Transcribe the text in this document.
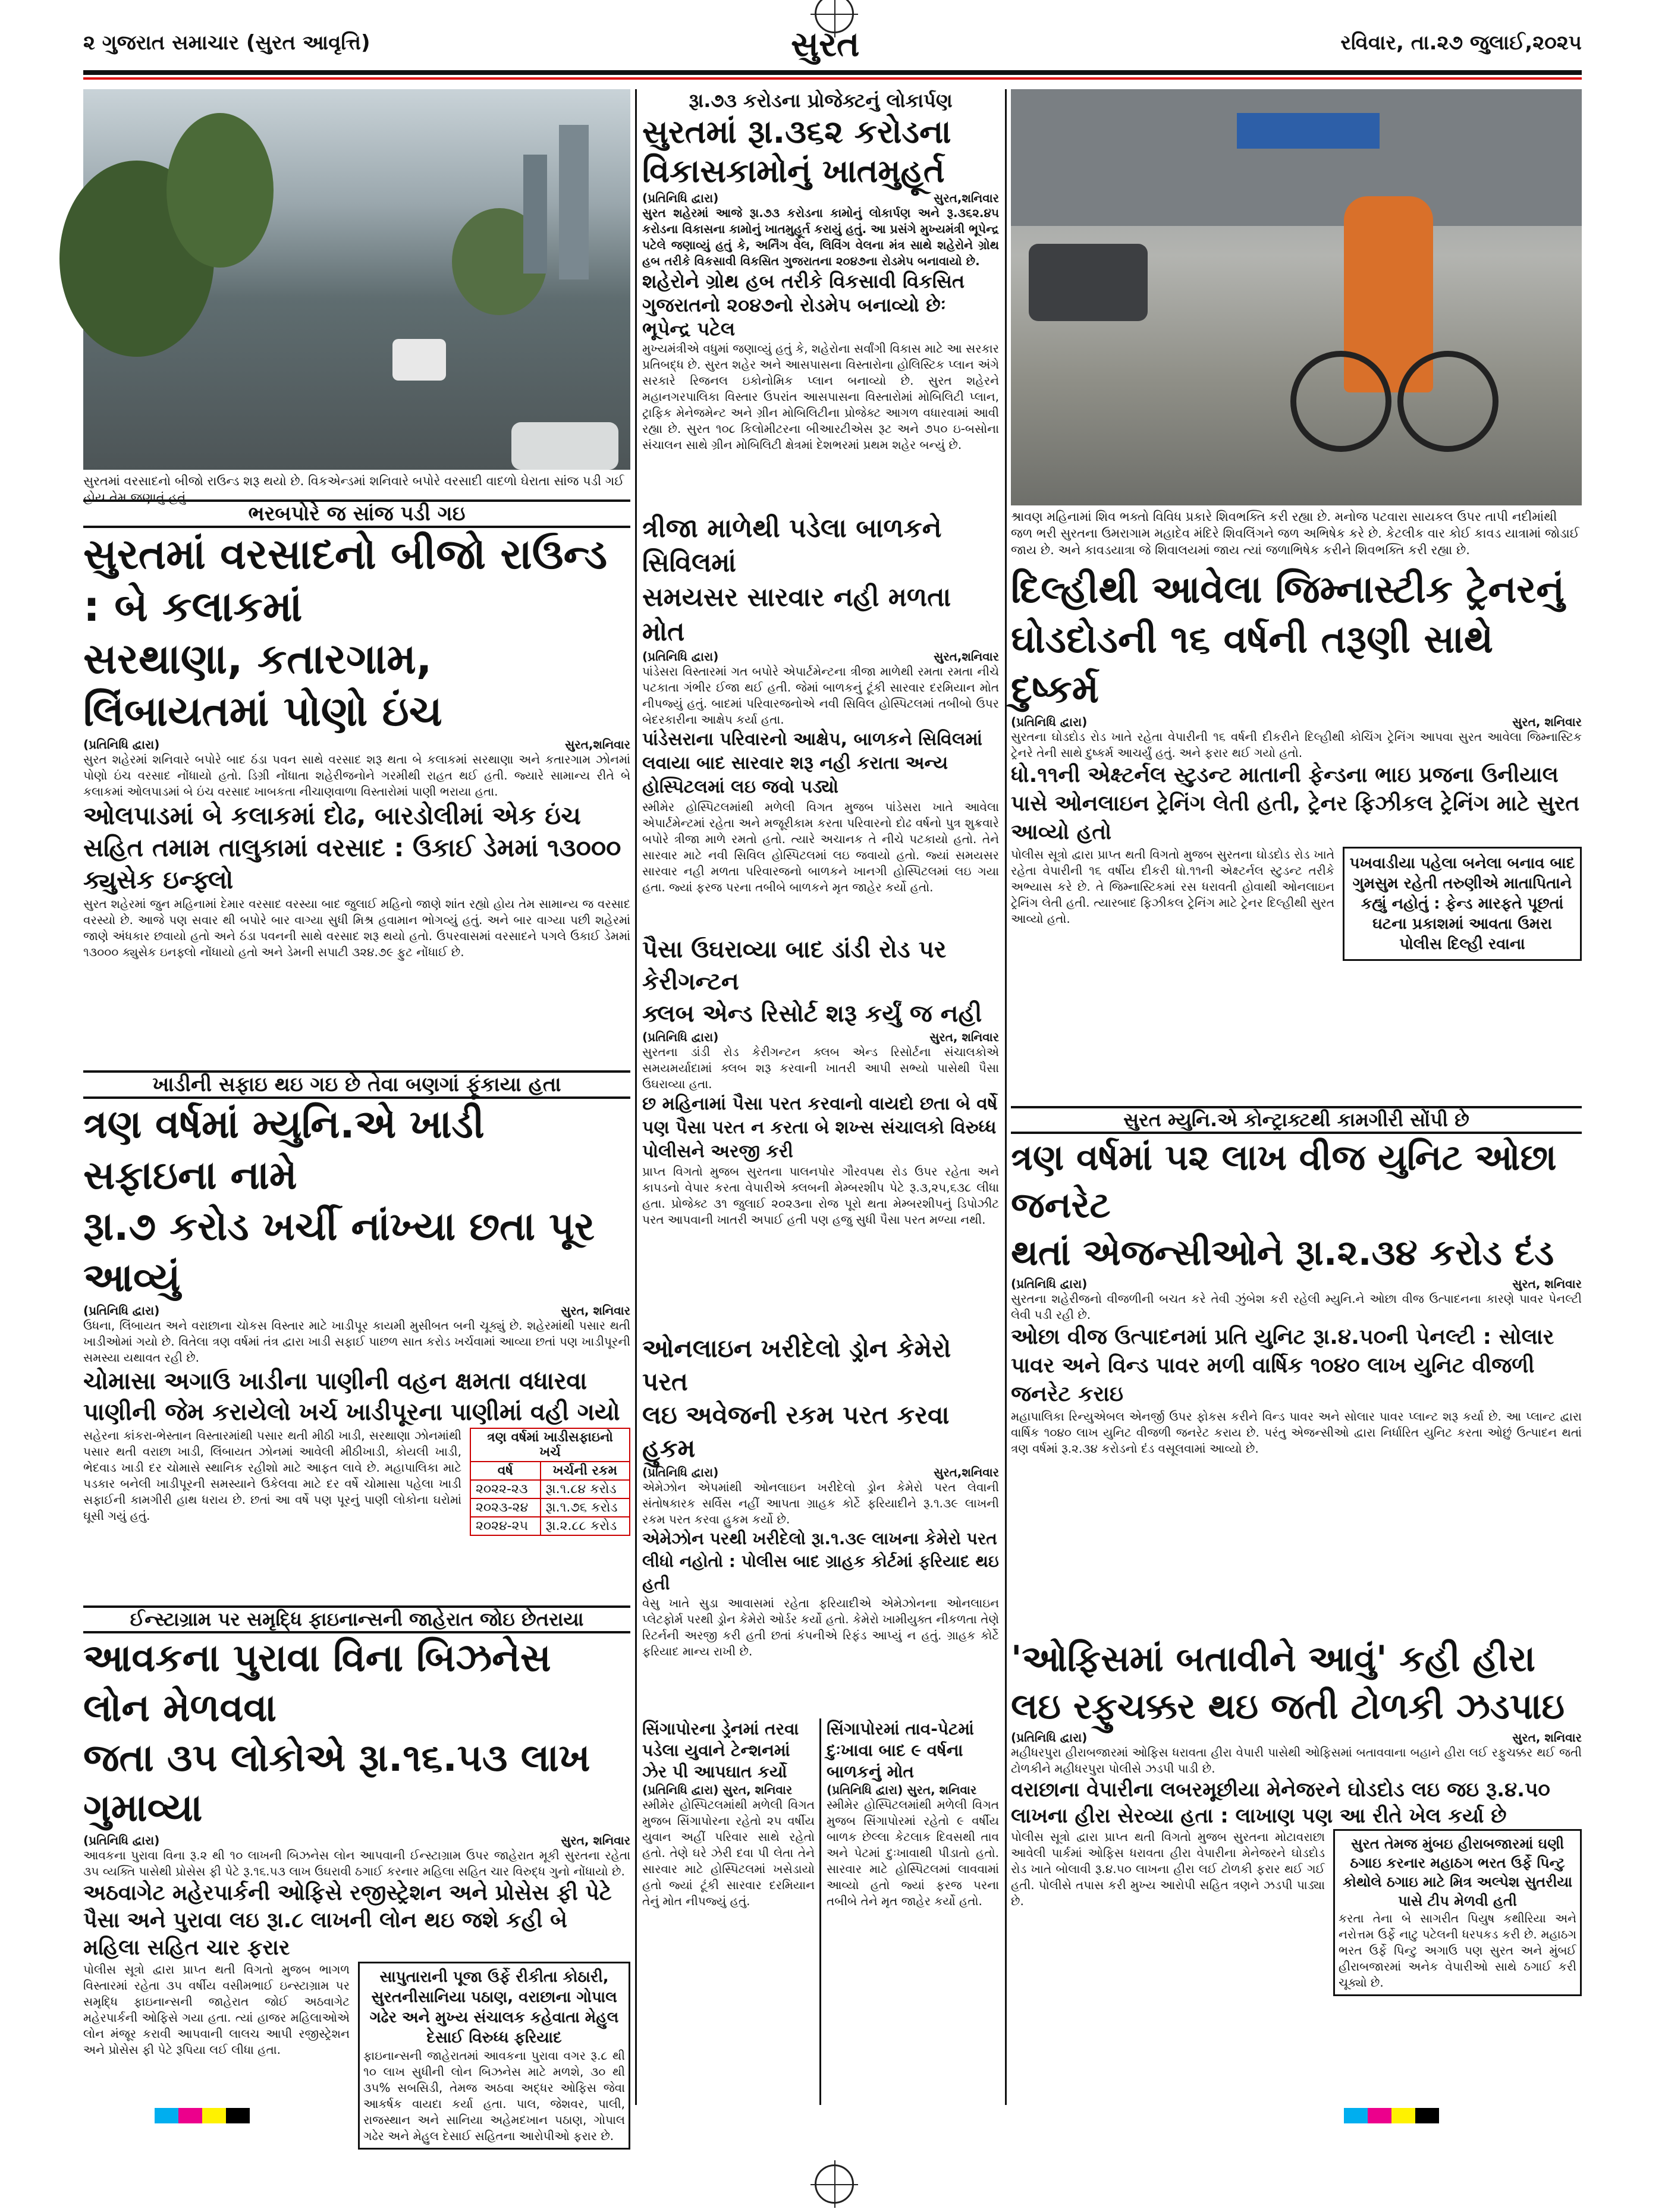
૨ ગુજરાત સમાચાર (સુરત આવૃત્તિ)	સુરત	રવિવાર, તા.૨૭ જુલાઈ,૨૦૨૫
સુરતમાં વરસાદનો બીજો રાઉન્ડ શરૂ થયો છે. વિકએન્ડમાં શનિવારે બપોરે વરસાદી વાદળો ઘેરાતા સાંજ પડી ગઈ હોય તેમ જણાતું હતું.
શ્રાવણ મહિનામાં શિવ ભક્તો વિવિધ પ્રકારે શિવભક્તિ કરી રહ્યા છે. મનોજ પટવારા સાયકલ ઉપર તાપી નદીમાંથી જળ ભરી સુરતના ઉમરાગામ મહાદેવ મંદિરે શિવલિંગને જળ અભિષેક કરે છે. કેટલીક વાર કોઈ કાવડ યાત્રામાં જોડાઈ જાય છે. અને કાવડયાત્રા જે શિવાલયમાં જાય ત્યાં જળાભિષેક કરીને શિવભક્તિ કરી રહ્યા છે.
રૂા.૭૩ કરોડના પ્રોજેક્ટનું લોકાર્પણ
સુરતમાં રૂા.૩૬૨ કરોડના
વિકાસકામોનું ખાતમુહૂર્ત
(પ્રતિનિધિ દ્વારા)	સુરત,શનિવાર
સુરત શહેરમાં આજે રૂા.૭૩ કરોડના કામોનું લોકાર્પણ અને રૂ.૩૬૨.૪૫ કરોડના વિકાસના કામોનું ખાતમુહૂર્ત કરાયું હતું. આ પ્રસંગે મુખ્યમંત્રી ભૂપેન્દ્ર પટેલે જણાવ્યું હતું કે, અર્નિંગ વેલ, લિવિંગ વેલના મંત્ર સાથે શહેરોને ગ્રોથ હબ તરીકે વિકસાવી વિકસિત ગુજરાતના ૨૦૪૭ના રોડમેપ બનાવાયો છે.
શહેરોને ગ્રોથ હબ તરીકે વિકસાવી વિકસિત ગુજરાતનો ૨૦૪૭નો રોડમેપ બનાવ્યો છેઃ ભૂપેન્દ્ર પટેલ
મુખ્યમંત્રીએ વધુમાં જણાવ્યું હતું કે, શહેરોના સર્વાંગી વિકાસ માટે આ સરકાર પ્રતિબદ્ધ છે. સુરત શહેર અને આસપાસના વિસ્તારોના હોલિસ્ટિક પ્લાન અંગે સરકારે રિજનલ ઇકોનોમિક પ્લાન બનાવ્યો છે. સુરત શહેરને મહાનગરપાલિકા વિસ્તાર ઉપરાંત આસપાસના વિસ્તારોમાં મોબિલિટી પ્લાન, ટ્રાફિક મેનેજમેન્ટ અને ગ્રીન મોબિલિટીના પ્રોજેક્ટ આગળ વધારવામાં આવી રહ્યા છે. સુરત ૧૦૮ કિલોમીટરના બીઆરટીએસ રૂટ અને ૭૫૦ ઇ-બસોના સંચાલન સાથે ગ્રીન મોબિલિટી ક્ષેત્રમાં દેશભરમાં પ્રથમ શહેર બન્યું છે.
ભરબપોરે જ સાંજ પડી ગઇ
સુરતમાં વરસાદનો બીજો રાઉન્ડ : બે કલાકમાં
સરથાણા, કતારગામ, લિંબાયતમાં પોણો ઇંચ
(પ્રતિનિધિ દ્વારા)	સુરત,શનિવાર
સુરત શહેરમાં શનિવારે બપોરે બાદ ઠંડા પવન સાથે વરસાદ શરૂ થતા બે કલાકમાં સરથાણા અને કતારગામ ઝોનમાં પોણો ઇંચ વરસાદ નોંધાયો હતો. ડિગ્રી નોંધાતા શહેરીજનોને ગરમીથી રાહત થઈ હતી. જ્યારે સામાન્ય રીતે બે કલાકમાં ઓલપાડમાં બે ઇંચ વરસાદ ખાબકતા નીચાણવાળા વિસ્તારોમાં પાણી ભરાયા હતા.
ઓલપાડમાં બે કલાકમાં દોઢ, બારડોલીમાં એક ઇંચ સહિત તમામ તાલુકામાં વરસાદ : ઉકાઈ ડેમમાં ૧૩૦૦૦ ક્યુસેક ઇન્ફ્લો
સુરત શહેરમાં જુન મહિનામાં દેમાર વરસાદ વરસ્યા બાદ જુલાઈ મહિનો જાણે શાંત રહ્યો હોય તેમ સામાન્ય જ વરસાદ વરસ્યો છે. આજે પણ સવાર થી બપોરે બાર વાગ્યા સુધી મિશ્ર હવામાન ભોગવ્યું હતું. અને બાર વાગ્યા પછી શહેરમાં જાણે અંધકાર છવાયો હતો અને ઠંડા પવનની સાથે વરસાદ શરૂ થયો હતો. ઉપરવાસમાં વરસાદને પગલે ઉકાઈ ડેમમાં ૧૩૦૦૦ ક્યુસેક ઇનફ્લો નોંધાયો હતો અને ડેમની સપાટી ૩૨૪.૭૯ ફુટ નોંધાઈ છે.
ખાડીની સફાઇ થઇ ગઇ છે તેવા બણગાં ફૂંકાયા હતા
ત્રણ વર્ષમાં મ્યુનિ.એ ખાડી સફાઇના નામે
રૂા.૭ કરોડ ખર્ચી નાંખ્યા છતા પૂર આવ્યું
(પ્રતિનિધિ દ્વારા)	સુરત, શનિવાર
ઉધના, લિંબાયત અને વરાછાના ચોકસ વિસ્તાર માટે ખાડીપૂર કાયમી મુસીબત બની ચૂક્યું છે. શહેરમાંથી પસાર થતી ખાડીઓમાં ગયો છે. વિતેલા ત્રણ વર્ષમાં તંત્ર દ્વારા ખાડી સફાઈ પાછળ સાત કરોડ ખર્ચવામાં આવ્યા છતાં પણ ખાડીપૂરની સમસ્યા યથાવત રહી છે.
ચોમાસા અગાઉ ખાડીના પાણીની વહન ક્ષમતા વધારવા પાણીની જેમ કરાયેલો ખર્ચ ખાડીપૂરના પાણીમાં વહી ગયો
સહેરના કાંકરા-ભેસ્તાન વિસ્તારમાંથી પસાર થતી મીઠી ખાડી, સરથાણા ઝોનમાંથી પસાર થતી વરાછા ખાડી, લિંબાયત ઝોનમાં આવેલી મીઠીખાડી, કોયલી ખાડી, ભેદવાડ ખાડી દર ચોમાસે સ્થાનિક રહીશો માટે આફત લાવે છે. મહાપાલિકા માટે પડકાર બનેલી ખાડીપૂરની સમસ્યાને ઉકેલવા માટે દર વર્ષે ચોમાસા પહેલા ખાડી સફાઈની કામગીરી હાથ ધરાય છે. છતાં આ વર્ષે પણ પૂરનું પાણી લોકોના ઘરોમાં ઘૂસી ગયું હતું.
ત્રણ વર્ષમાં ખાડીસફાઇનો ખર્ચ	
વર્ષ	ખર્ચની રકમ
૨૦૨૨-૨૩	રૂા.૧.૮૪ કરોડ
૨૦૨૩-૨૪	રૂા.૧.૭૬ કરોડ
૨૦૨૪-૨૫	રૂા.૨.૮૮ કરોડ
ઈન્સ્ટાગ્રામ પર સમૃદ્ધિ ફાઇનાન્સની જાહેરાત જોઇ છેતરાયા
આવકના પુરાવા વિના બિઝનેસ લોન મેળવવા
જતા ૩૫ લોકોએ રૂા.૧૬.૫૩ લાખ ગુમાવ્યા
(પ્રતિનિધિ દ્વારા)	સુરત, શનિવાર
આવકના પુરાવા વિના રૂ.૨ થી ૧૦ લાખની બિઝનેસ લોન આપવાની ઈન્સ્ટાગ્રામ ઉપર જાહેરાત મૂકી સુરતના રહેતા ૩૫ વ્યક્તિ પાસેથી પ્રોસેસ ફી પેટે રૂ.૧૬.૫૩ લાખ ઉઘરાવી ઠગાઈ કરનાર મહિલા સહિત ચાર વિરુદ્ધ ગુનો નોંધાયો છે.
અઠવાગેટ મહેરપાર્કની ઓફિસે રજીસ્ટ્રેશન અને પ્રોસેસ ફી પેટે પૈસા અને પુરાવા લઇ રૂા.૮ લાખની લોન થઇ જશે કહી બે મહિલા સહિત ચાર ફરાર
પોલીસ સૂત્રો દ્વારા પ્રાપ્ત થતી વિગતો મુજબ ભાગળ વિસ્તારમાં રહેતા ૩૫ વર્ષીય વસીમભાઈ ઇન્સ્ટાગ્રામ પર સમૃદ્ધિ ફાઇનાન્સની જાહેરાત જોઈ અઠવાગેટ મહેરપાર્કની ઓફિસે ગયા હતા. ત્યાં હાજર મહિલાઓએ લોન મંજૂર કરાવી આપવાની લાલચ આપી રજીસ્ટ્રેશન અને પ્રોસેસ ફી પેટે રૂપિયા લઈ લીધા હતા.
સાપુતારાની પૂજા ઉર્ફે રીકીતા કોઠારી, સુરતનીસાનિયા પઠાણ, વરાછાના ગોપાલ ગઢેર અને મુખ્ય સંચાલક કહેવાતા મેહુલ દેસાઈ વિરુધ્ધ ફરિયાદ
ફાઇનાન્સની જાહેરાતમાં આવકના પુરાવા વગર રૂ.૮ થી ૧૦ લાખ સુધીની લોન બિઝનેસ માટે મળશે, ૩૦ થી ૩૫% સબસિડી, તેમજ અઠવા અદ્ધર ઓફિસ જેવા આકર્ષક વાયદા કર્યા હતા. પાલ, જેશવર, પાલી, રાજસ્થાન અને સાનિયા અહેમદખાન પઠાણ, ગોપાલ ગઢેર અને મેહુલ દેસાઈ સહિતના આરોપીઓ ફરાર છે.
ત્રીજા માળેથી પડેલા બાળકને સિવિલમાં
સમયસર સારવાર નહી મળતા મોત
(પ્રતિનિધિ દ્વારા)	સુરત,શનિવાર
પાંડેસરા વિસ્તારમાં ગત બપોરે એપાર્ટમેન્ટના ત્રીજા માળેથી રમતા રમતા નીચે પટકાતા ગંભીર ઈજા થઈ હતી. જેમાં બાળકનું ટૂંકી સારવાર દરમિયાન મોત નીપજ્યું હતું. બાદમાં પરિવારજનોએ નવી સિવિલ હોસ્પિટલમાં તબીબો ઉપર બેદરકારીના આક્ષેપ કર્યા હતા.
પાંડેસરાના પરિવારનો આક્ષેપ, બાળકને સિવિલમાં લવાયા બાદ સારવાર શરૂ નહી કરાતા અન્ય હોસ્પિટલમાં લઇ જવો પડ્યો
સ્મીમેર હોસ્પિટલમાંથી મળેલી વિગત મુજબ પાંડેસરા ખાતે આવેલા એપાર્ટમેન્ટમાં રહેતા અને મજૂરીકામ કરતા પરિવારનો દોઢ વર્ષનો પુત્ર શુક્રવારે બપોરે ત્રીજા માળે રમતો હતો. ત્યારે અચાનક તે નીચે પટકાયો હતો. તેને સારવાર માટે નવી સિવિલ હોસ્પિટલમાં લઇ જવાયો હતો. જ્યાં સમયસર સારવાર નહી મળતા પરિવારજનો બાળકને ખાનગી હોસ્પિટલમાં લઇ ગયા હતા. જ્યાં ફરજ પરના તબીબે બાળકને મૃત જાહેર કર્યો હતો.
પૈસા ઉઘરાવ્યા બાદ ડાંડી રોડ પર કેરીગન્ટન
ક્લબ એન્ડ રિસોર્ટ શરૂ કર્યું જ નહી
(પ્રતિનિધિ દ્વારા)	સુરત, શનિવાર
સુરતના ડાંડી રોડ કેરીગન્ટન ક્લબ એન્ડ રિસોર્ટના સંચાલકોએ સમયમર્યાદામાં ક્લબ શરૂ કરવાની ખાતરી આપી સભ્યો પાસેથી પૈસા ઉઘરાવ્યા હતા.
છ મહિનામાં પૈસા પરત કરવાનો વાયદો છતા બે વર્ષે પણ પૈસા પરત ન કરતા બે શખ્સ સંચાલકો વિરુધ્ધ પોલીસને અરજી કરી
પ્રાપ્ત વિગતો મુજબ સુરતના પાલનપોર ગૌરવપથ રોડ ઉપર રહેતા અને કાપડનો વેપાર કરતા વેપારીએ ક્લબની મેમ્બરશીપ પેટે રૂ.૩,૨૫,૬૩૮ લીધા હતા. પ્રોજેક્ટ ૩૧ જુલાઈ ૨૦૨૩ના રોજ પૂરો થતા મેમ્બરશીપનું ડિપોઝીટ પરત આપવાની ખાતરી અપાઈ હતી પણ હજુ સુધી પૈસા પરત મળ્યા નથી.
ઓનલાઇન ખરીદેલો ડ્રોન કેમેરો પરત
લઇ અવેજની રકમ પરત કરવા હુકમ
(પ્રતિનિધિ દ્વારા)	સુરત,શનિવાર
એમેઝોન એપમાંથી ઓનલાઇન ખરીદેલો ડ્રોન કેમેરો પરત લેવાની સંતોષકારક સર્વિસ નહીં આપતા ગ્રાહક કોર્ટે ફરિયાદીને રૂ.૧.૩૯ લાખની રકમ પરત કરવા હુકમ કર્યો છે.
એમેઝોન પરથી ખરીદેલો રૂા.૧.૩૯ લાખના કેમેરો પરત લીધો નહોતો : પોલીસ બાદ ગ્રાહક કોર્ટમાં ફરિયાદ થઇ હતી
વેસુ ખાતે સુડા આવાસમાં રહેતા ફરિયાદીએ એમેઝોનના ઓનલાઇન પ્લેટફોર્મ પરથી ડ્રોન કેમેરો ઓર્ડર કર્યો હતો. કેમેરો ખામીયુક્ત નીકળતા તેણે રિટર્નની અરજી કરી હતી છતાં કંપનીએ રિફંડ આપ્યું ન હતું. ગ્રાહક કોર્ટે ફરિયાદ માન્ય રાખી છે.
સિંગાપોરના ડ્રેનમાં તરવા પડેલા યુવાને ટેન્શનમાં ઝેર પી આપઘાત કર્યો
(પ્રતિનિધિ દ્વારા) સુરત, શનિવાર
સ્મીમેર હોસ્પિટલમાંથી મળેલી વિગત મુજબ સિંગાપોરના રહેતો ૨૫ વર્ષીય યુવાન અહીં પરિવાર સાથે રહેતો હતો. તેણે ઘરે ઝેરી દવા પી લેતા તેને સારવાર માટે હોસ્પિટલમાં ખસેડાયો હતો જ્યાં ટૂંકી સારવાર દરમિયાન તેનું મોત નીપજ્યું હતું.
સિંગાપોરમાં તાવ-પેટમાં દુઃખાવા બાદ ૯ વર્ષના બાળકનું મોત
(પ્રતિનિધિ દ્વારા) સુરત, શનિવાર
સ્મીમેર હોસ્પિટલમાંથી મળેલી વિગત મુજબ સિંગાપોરમાં રહેતો ૯ વર્ષીય બાળક છેલ્લા કેટલાક દિવસથી તાવ અને પેટમાં દુઃખાવાથી પીડાતો હતો. સારવાર માટે હોસ્પિટલમાં લાવવામાં આવ્યો હતો જ્યાં ફરજ પરના તબીબે તેને મૃત જાહેર કર્યો હતો.
દિલ્હીથી આવેલા જિમ્નાસ્ટીક ટ્રેનરનું
ઘોડદોડની ૧૬ વર્ષની તરૂણી સાથે દુષ્કર્મ
(પ્રતિનિધિ દ્વારા)	સુરત, શનિવાર
સુરતના ઘોડદોડ રોડ ખાતે રહેતા વેપારીની ૧૬ વર્ષની દીકરીને દિલ્હીથી કોચિંગ ટ્રેનિંગ આપવા સુરત આવેલા જિમ્નાસ્ટિક ટ્રેનરે તેની સાથે દુષ્કર્મ આચર્યું હતું. અને ફરાર થઈ ગયો હતો.
ધો.૧૧ની એક્ષ્ટર્નલ સ્ટુડન્ટ માતાની ફેન્ડના ભાઇ પ્રજના ઉનીયાલ પાસે ઓનલાઇન ટ્રેનિંગ લેતી હતી, ટ્રેનર ફિઝીકલ ટ્રેનિંગ માટે સુરત આવ્યો હતો
પોલીસ સૂત્રો દ્વારા પ્રાપ્ત થતી વિગતો મુજબ સુરતના ઘોડદોડ રોડ ખાતે રહેતા વેપારીની ૧૬ વર્ષીય દીકરી ધો.૧૧ની એક્ષ્ટર્નલ સ્ટુડન્ટ તરીકે અભ્યાસ કરે છે. તે જિમ્નાસ્ટિકમાં રસ ધરાવતી હોવાથી ઓનલાઇન ટ્રેનિંગ લેતી હતી. ત્યારબાદ ફિઝીકલ ટ્રેનિંગ માટે ટ્રેનર દિલ્હીથી સુરત આવ્યો હતો.
પખવાડીયા પહેલા બનેલા બનાવ બાદ ગુમસુમ રહેતી તરુણીએ માતાપિતાને કહ્યું નહોતું : ફેન્ડ મારફતે પૂછતાં ઘટના પ્રકાશમાં આવતા ઉમરા પોલીસ દિલ્હી રવાના
સુરત મ્યુનિ.એ કોન્ટ્રાક્ટથી કામગીરી સોંપી છે
ત્રણ વર્ષમાં ૫૨ લાખ વીજ યુનિટ ઓછા જનરેટ
થતાં એજન્સીઓને રૂા.૨.૩૪ કરોડ દંડ
(પ્રતિનિધિ દ્વારા)	સુરત, શનિવાર
સુરતના શહેરીજનો વીજળીની બચત કરે તેવી ઝુંબેશ કરી રહેલી મ્યુનિ.ને ઓછા વીજ ઉત્પાદનના કારણે પાવર પેનલ્ટી લેવી પડી રહી છે.
ઓછા વીજ ઉત્પાદનમાં પ્રતિ યુનિટ રૂા.૪.૫૦ની પેનલ્ટી : સોલાર પાવર અને વિન્ડ પાવર મળી વાર્ષિક ૧૦૪૦ લાખ યુનિટ વીજળી જનરેટ કરાઇ
મહાપાલિકા રિન્યુએબલ એનર્જી ઉપર ફોકસ કરીને વિન્ડ પાવર અને સોલાર પાવર પ્લાન્ટ શરૂ કર્યા છે. આ પ્લાન્ટ દ્વારા વાર્ષિક ૧૦૪૦ લાખ યુનિટ વીજળી જનરેટ કરાય છે. પરંતુ એજન્સીઓ દ્વારા નિર્ધારિત યુનિટ કરતા ઓછું ઉત્પાદન થતાં ત્રણ વર્ષમાં રૂ.૨.૩૪ કરોડનો દંડ વસૂલવામાં આવ્યો છે.
'ઓફિસમાં બતાવીને આવું' કહી હીરા
લઇ રફુચક્કર થઇ જતી ટોળકી ઝડપાઇ
(પ્રતિનિધિ દ્વારા)	સુરત, શનિવાર
મહીધરપુરા હીરાબજારમાં ઓફિસ ધરાવતા હીરા વેપારી પાસેથી ઓફિસમાં બતાવવાના બહાને હીરા લઈ રફુચક્કર થઈ જતી ટોળકીને મહીધરપુરા પોલીસે ઝડપી પાડી છે.
વરાછાના વેપારીના લબરમૂછીયા મેનેજરને ઘોડદોડ લઇ જઇ રૂ.૪.૫૦ લાખના હીરા સેરવ્યા હતા : લાખાણ પણ આ રીતે ખેલ કર્યા છે
પોલીસ સૂત્રો દ્વારા પ્રાપ્ત થતી વિગતો મુજબ સુરતના મોટાવરાછા આવેલી પાર્કમાં ઓફિસ ધરાવતા હીરા વેપારીના મેનેજરને ઘોડદોડ રોડ ખાતે બોલાવી રૂ.૪.૫૦ લાખના હીરા લઈ ટોળકી ફરાર થઈ ગઈ હતી. પોલીસે તપાસ કરી મુખ્ય આરોપી સહિત ત્રણને ઝડપી પાડ્યા છે.
સુરત તેમજ મુંબઇ હીરાબજારમાં ઘણી ઠગાઇ કરનાર મહાઠગ ભરત ઉર્ફે પિન્ટુ કોથોલે ઠગાઇ માટે મિત્ર અલ્પેશ સુતરીયા પાસે ટીપ મેળવી હતી
કરતા તેના બે સાગરીત પિયુષ કથીરિયા અને નરોત્તમ ઉર્ફે નાટુ પટેલની ધરપકડ કરી છે. મહાઠગ ભરત ઉર્ફે પિન્ટુ અગાઉ પણ સુરત અને મુંબઈ હીરાબજારમાં અનેક વેપારીઓ સાથે ઠગાઈ કરી ચૂક્યો છે.
